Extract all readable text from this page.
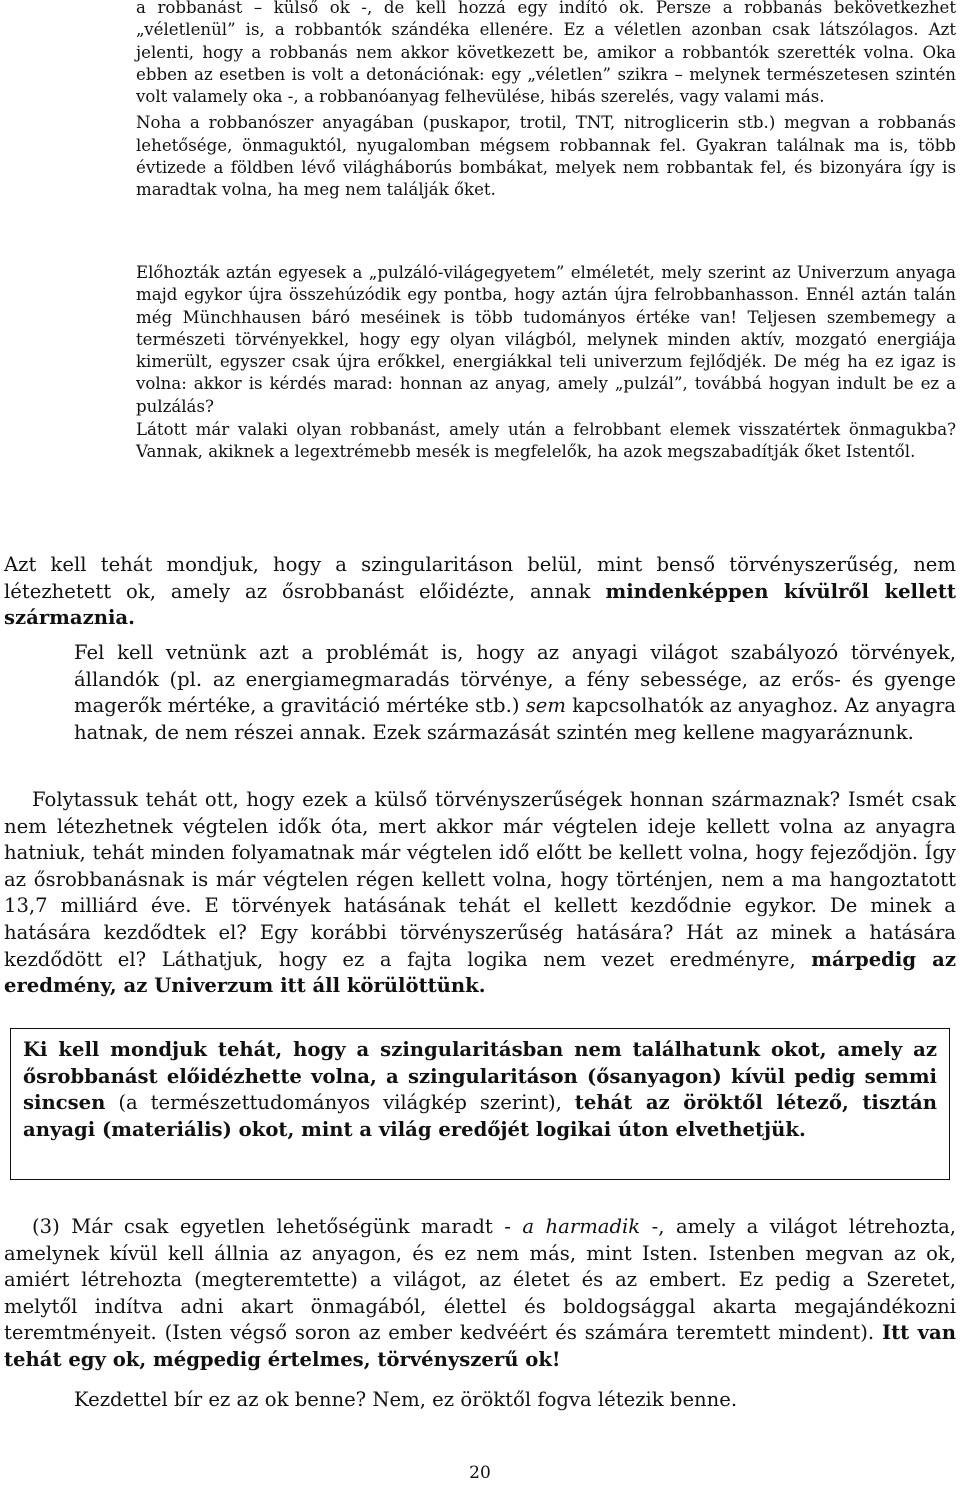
a robbanást – külső ok -, de kell hozzá egy indító ok. Persze a robbanás bekövetkezhet „véletlenül” is, a robbantók szándéka ellenére. Ez a véletlen azonban csak látszólagos. Azt jelenti, hogy a robbanás nem akkor következett be, amikor a robbantók szerették volna. Oka ebben az esetben is volt a detonációnak: egy „véletlen” szikra – melynek természetesen szintén volt valamely oka -, a robbanóanyag felhevülése, hibás szerelés, vagy valami más.

Noha a robbanószer anyagában (puskapor, trotil, TNT, nitroglicerin stb.) megvan a robbanás lehetősége, önmaguktól, nyugalomban mégsem robbannak fel. Gyakran találnak ma is, több évtizede a földben lévő világháborús bombákat, melyek nem robbantak fel, és bizonyára így is maradtak volna, ha meg nem találják őket.

Előhozták aztán egyesek a „pulzáló-világegyetem” elméletét, mely szerint az Univerzum anyaga majd egykor újra összehúzódik egy pontba, hogy aztán újra felrobbanhasson. Ennél aztán talán még Münchhausen báró meséinek is több tudományos értéke van! Teljesen szembemegy a természeti törvényekkel, hogy egy olyan világból, melynek minden aktív, mozgató energiája kimerült, egyszer csak újra erőkkel, energiákkal teli univerzum fejlődjék. De még ha ez igaz is volna: akkor is kérdés marad: honnan az anyag, amely „pulzál”, továbbá hogyan indult be ez a pulzálás?

Látott már valaki olyan robbanást, amely után a felrobbant elemek visszatértek önmagukba? Vannak, akiknek a legextrémebb mesék is megfelelők, ha azok megszabadítják őket Istentől.

Azt kell tehát mondjuk, hogy a szingularitáson belül, mint benső törvényszerűség, nem létezhetett ok, amely az ősrobbanást előidézte, annak mindenképpen kívülről kellett származnia.

Fel kell vetnünk azt a problémát is, hogy az anyagi világot szabályozó törvények, állandók (pl. az energiamegmaradás törvénye, a fény sebessége, az erős- és gyenge magerők mértéke, a gravitáció mértéke stb.) sem kapcsolhatók az anyaghoz. Az anyagra hatnak, de nem részei annak. Ezek származását szintén meg kellene magyaráznunk.

Folytassuk tehát ott, hogy ezek a külső törvényszerűségek honnan származnak? Ismét csak nem létezhetnek végtelen idők óta, mert akkor már végtelen ideje kellett volna az anyagra hatniuk, tehát minden folyamatnak már végtelen idő előtt be kellett volna, hogy fejeződjön. Így az ősrobbanásnak is már végtelen régen kellett volna, hogy történjen, nem a ma hangoztatott 13,7 milliárd éve. E törvények hatásának tehát el kellett kezdődnie egykor. De minek a hatására kezdődtek el? Egy korábbi törvényszerűség hatására? Hát az minek a hatására kezdődött el? Láthatjuk, hogy ez a fajta logika nem vezet eredményre, márpedig az eredmény, az Univerzum itt áll körülöttünk.

Ki kell mondjuk tehát, hogy a szingularitásban nem találhatunk okot, amely az ősrobbanást előidézhette volna, a szingularitáson (ősanyagon) kívül pedig semmi sincsen (a természettudományos világkép szerint), tehát az öröktől létező, tisztán anyagi (materiális) okot, mint a világ eredőjét logikai úton elvethetjük.

(3) Már csak egyetlen lehetőségünk maradt - a harmadik -, amely a világot létrehozta, amelynek kívül kell állnia az anyagon, és ez nem más, mint Isten. Istenben megvan az ok, amiért létrehozta (megteremtette) a világot, az életet és az embert. Ez pedig a Szeretet, melytől indítva adni akart önmagából, élettel és boldogsággal akarta megajándékozni teremtményeit. (Isten végső soron az ember kedvéért és számára teremtett mindent). Itt van tehát egy ok, mégpedig értelmes, törvényszerű ok!

Kezdettel bír ez az ok benne? Nem, ez öröktől fogva létezik benne.

20
